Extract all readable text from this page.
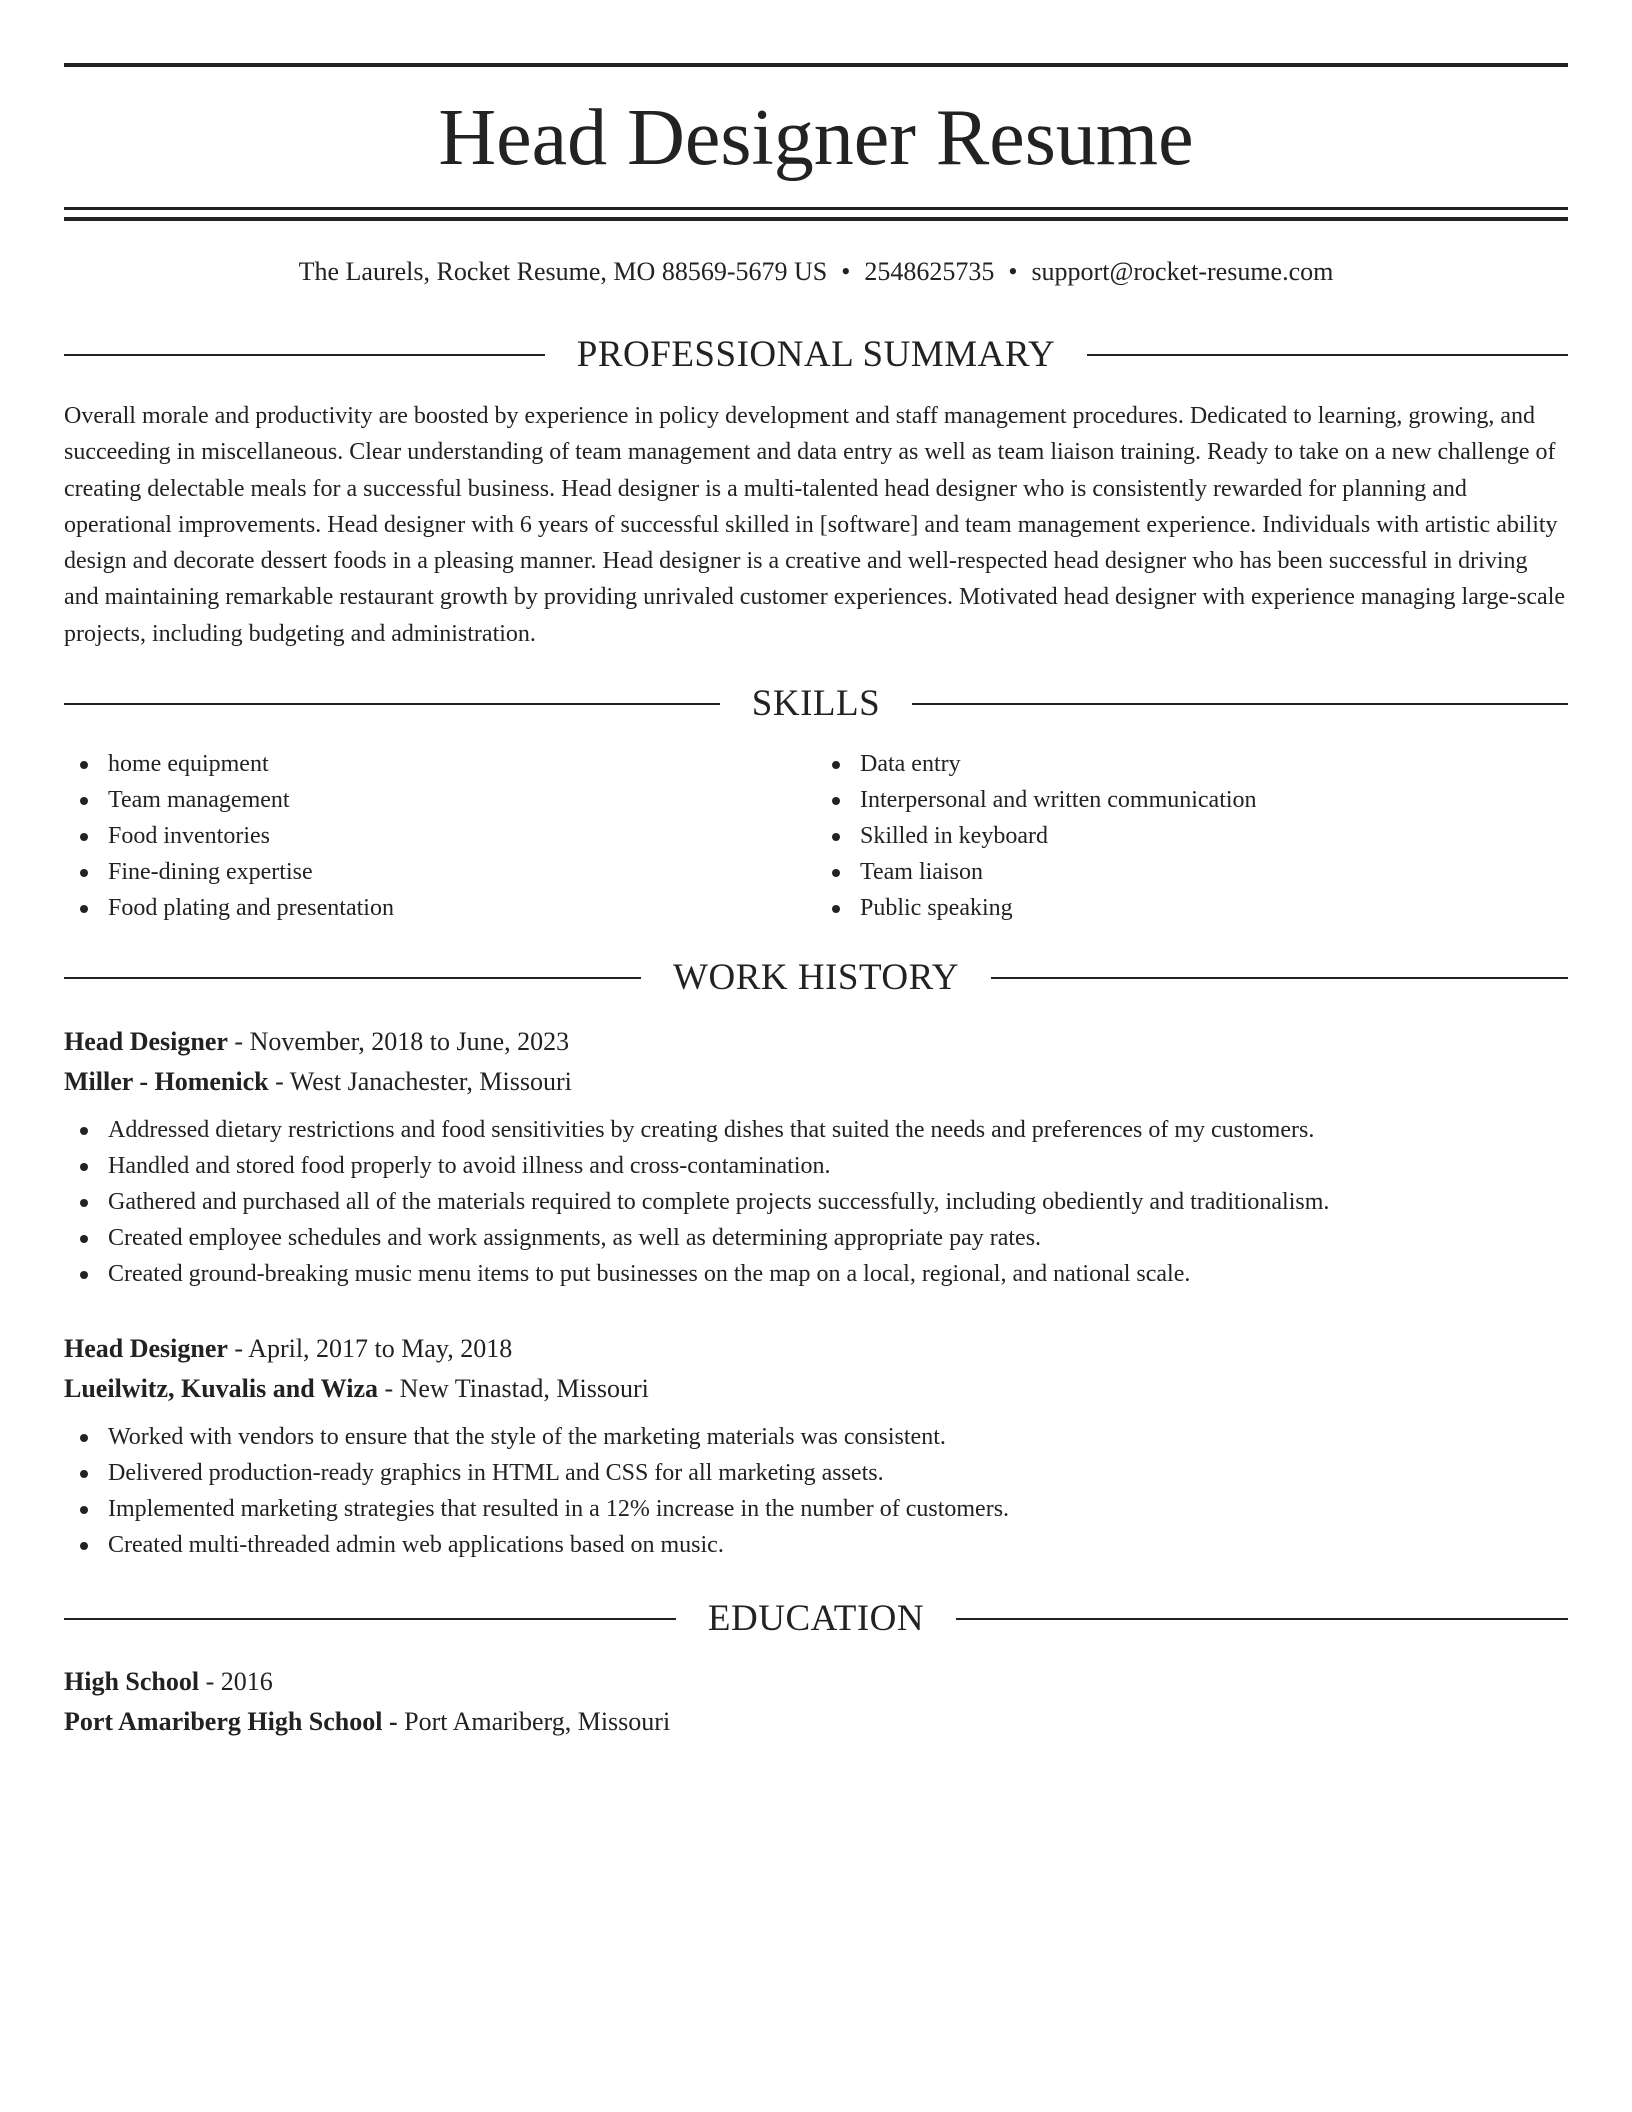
Head Designer Resume
The Laurels, Rocket Resume, MO 88569-5679 US • 2548625735 • support@rocket-resume.com
PROFESSIONAL SUMMARY

Overall morale and productivity are boosted by experience in policy development and staff management procedures. Dedicated to learning, growing, and succeeding in miscellaneous. Clear understanding of team management and data entry as well as team liaison training. Ready to take on a new challenge of creating delectable meals for a successful business. Head designer is a multi-talented head designer who is consistently rewarded for planning and operational improvements. Head designer with 6 years of successful skilled in [software] and team management experience. Individuals with artistic ability design and decorate dessert foods in a pleasing manner. Head designer is a creative and well-respected head designer who has been successful in driving and maintaining remarkable restaurant growth by providing unrivaled customer experiences. Motivated head designer with experience managing large-scale projects, including budgeting and administration.

SKILLS
home equipment
Team management
Food inventories
Fine-dining expertise
Food plating and presentation
Data entry
Interpersonal and written communication
Skilled in keyboard
Team liaison
Public speaking
WORK HISTORY
Head Designer - November, 2018 to June, 2023
Miller - Homenick - West Janachester, Missouri
Addressed dietary restrictions and food sensitivities by creating dishes that suited the needs and preferences of my customers.
Handled and stored food properly to avoid illness and cross-contamination.
Gathered and purchased all of the materials required to complete projects successfully, including obediently and traditionalism.
Created employee schedules and work assignments, as well as determining appropriate pay rates.
Created ground-breaking music menu items to put businesses on the map on a local, regional, and national scale.
Head Designer - April, 2017 to May, 2018
Lueilwitz, Kuvalis and Wiza - New Tinastad, Missouri
Worked with vendors to ensure that the style of the marketing materials was consistent.
Delivered production-ready graphics in HTML and CSS for all marketing assets.
Implemented marketing strategies that resulted in a 12% increase in the number of customers.
Created multi-threaded admin web applications based on music.
EDUCATION
High School - 2016
Port Amariberg High School - Port Amariberg, Missouri
